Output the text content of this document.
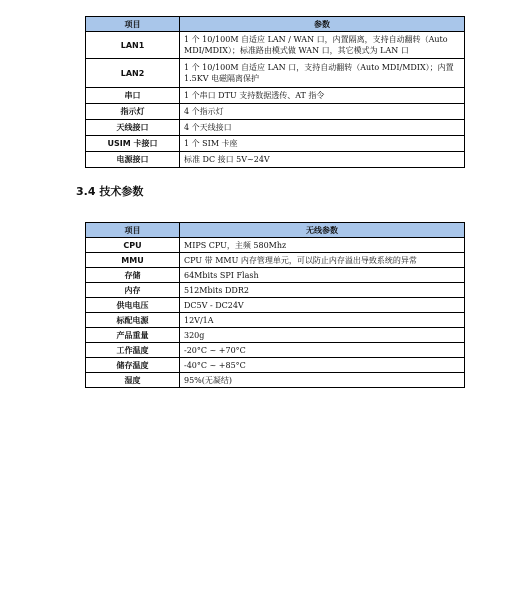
项目	参数
LAN1	1 个 10/100M 自适应 LAN / WAN 口，内置隔离，支持自动翻转（Auto MDI/MDIX）；标准路由模式做 WAN 口，其它模式为 LAN 口
LAN2	1 个 10/100M 自适应 LAN 口，支持自动翻转（Auto MDI/MDIX）；内置 1.5KV 电磁隔离保护
串口	1 个串口 DTU 支持数据透传、AT 指令
指示灯	4 个指示灯
天线接口	4 个天线接口
USIM 卡接口	1 个 SIM 卡座
电源接口	标准 DC 接口 5V~24V
3.4 技术参数
项目	无线参数
CPU	MIPS CPU，主频 580Mhz
MMU	CPU 带 MMU 内存管理单元，可以防止内存溢出导致系统的异常
存储	64Mbits SPI Flash
内存	512Mbits DDR2
供电电压	DC5V - DC24V
标配电源	12V/1A
产品重量	320g
工作温度	-20°C ~ +70°C
储存温度	-40°C ~ +85°C
湿度	95%(无凝结)
